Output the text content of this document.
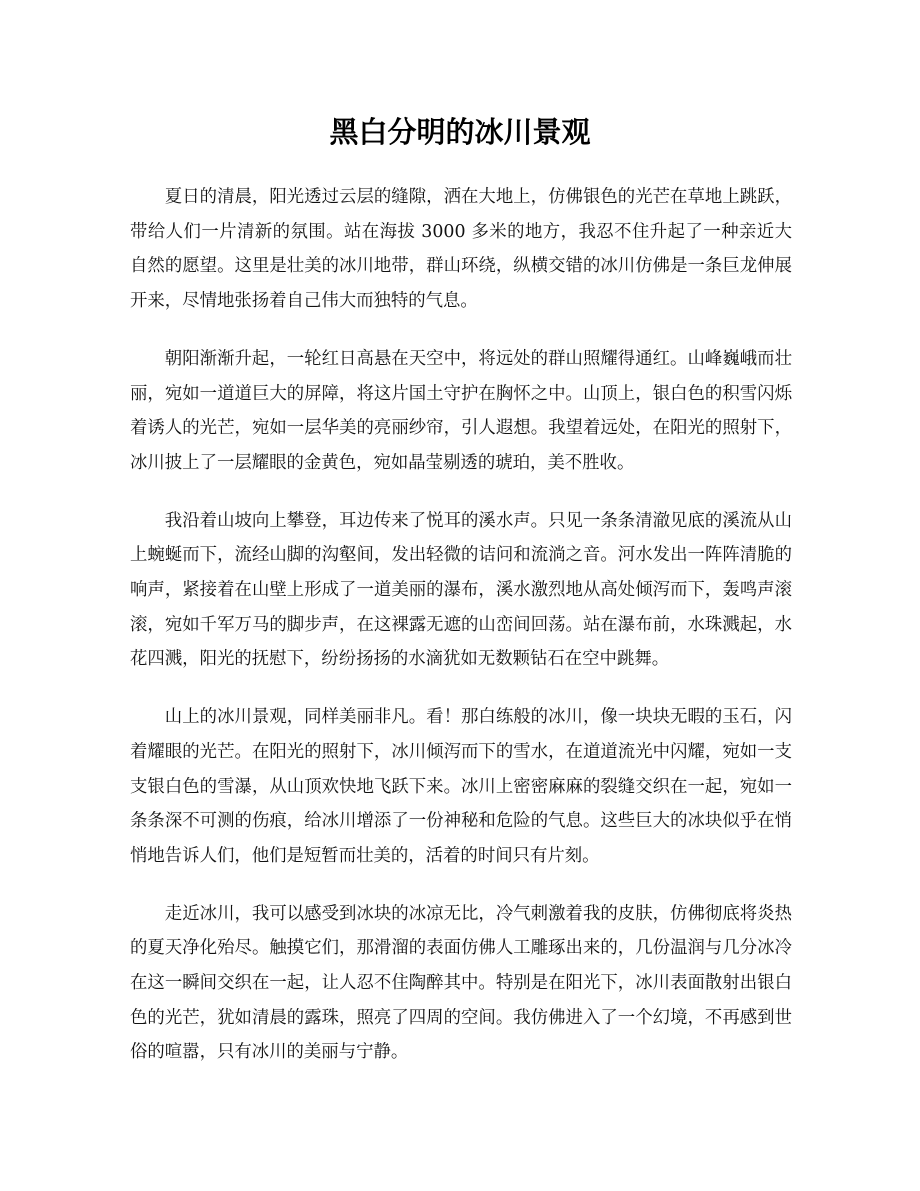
黑白分明的冰川景观

夏日的清晨，阳光透过云层的缝隙，洒在大地上，仿佛银色的光芒在草地上跳跃，带给人们一片清新的氛围。站在海拔 3000 多米的地方，我忍不住升起了一种亲近大自然的愿望。这里是壮美的冰川地带，群山环绕，纵横交错的冰川仿佛是一条巨龙伸展开来，尽情地张扬着自己伟大而独特的气息。

朝阳渐渐升起，一轮红日高悬在天空中，将远处的群山照耀得通红。山峰巍峨而壮丽，宛如一道道巨大的屏障，将这片国土守护在胸怀之中。山顶上，银白色的积雪闪烁着诱人的光芒，宛如一层华美的亮丽纱帘，引人遐想。我望着远处，在阳光的照射下，冰川披上了一层耀眼的金黄色，宛如晶莹剔透的琥珀，美不胜收。

我沿着山坡向上攀登，耳边传来了悦耳的溪水声。只见一条条清澈见底的溪流从山上蜿蜒而下，流经山脚的沟壑间，发出轻微的诘问和流淌之音。河水发出一阵阵清脆的响声，紧接着在山壁上形成了一道美丽的瀑布，溪水激烈地从高处倾泻而下，轰鸣声滚滚，宛如千军万马的脚步声，在这裸露无遮的山峦间回荡。站在瀑布前，水珠溅起，水花四溅，阳光的抚慰下，纷纷扬扬的水滴犹如无数颗钻石在空中跳舞。

山上的冰川景观，同样美丽非凡。看！那白练般的冰川，像一块块无暇的玉石，闪着耀眼的光芒。在阳光的照射下，冰川倾泻而下的雪水，在道道流光中闪耀，宛如一支支银白色的雪瀑，从山顶欢快地飞跃下来。冰川上密密麻麻的裂缝交织在一起，宛如一条条深不可测的伤痕，给冰川增添了一份神秘和危险的气息。这些巨大的冰块似乎在悄悄地告诉人们，他们是短暂而壮美的，活着的时间只有片刻。

走近冰川，我可以感受到冰块的冰凉无比，冷气刺激着我的皮肤，仿佛彻底将炎热的夏天净化殆尽。触摸它们，那滑溜的表面仿佛人工雕琢出来的，几份温润与几分冰冷在这一瞬间交织在一起，让人忍不住陶醉其中。特别是在阳光下，冰川表面散射出银白色的光芒，犹如清晨的露珠，照亮了四周的空间。我仿佛进入了一个幻境，不再感到世俗的喧嚣，只有冰川的美丽与宁静。
